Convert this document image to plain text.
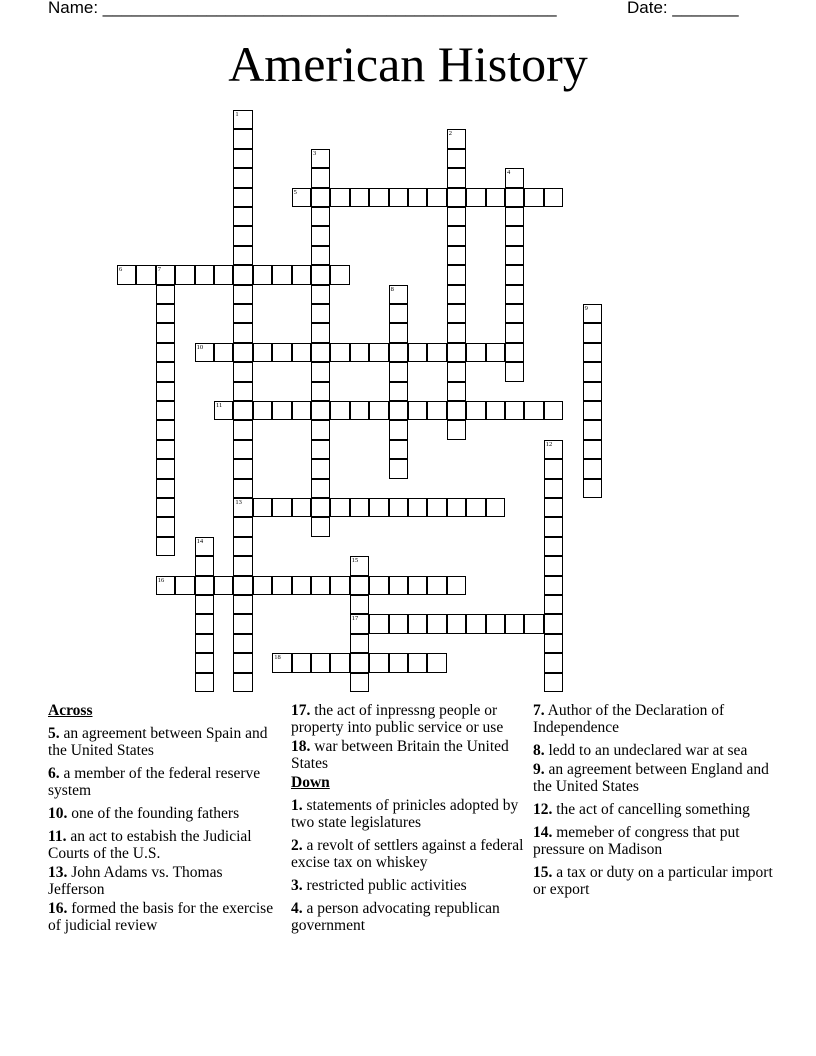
Name: ________________________________________________	Date: _______
American History
1
13
2
3
4
5
6	7
8
9
10
11
12
14
15
17
16
18
Across
5. an agreement between Spain and the United States
6. a member of the federal reserve system
10. one of the founding fathers
11. an act to estabish the Judicial Courts of the U.S.
13. John Adams vs. Thomas Jefferson
16. formed the basis for the exercise of judicial review
17. the act of inpressng people or property into public service or use
18. war between Britain the United States
Down
1. statements of prinicles adopted by two state legislatures
2. a revolt of settlers against a federal excise tax on whiskey
3. restricted public activities
4. a person advocating republican government
7. Author of the Declaration of Independence
8. ledd to an undeclared war at sea
9. an agreement between England and the United States
12. the act of cancelling something
14. memeber of congress that put pressure on Madison
15. a tax or duty on a particular import or export
